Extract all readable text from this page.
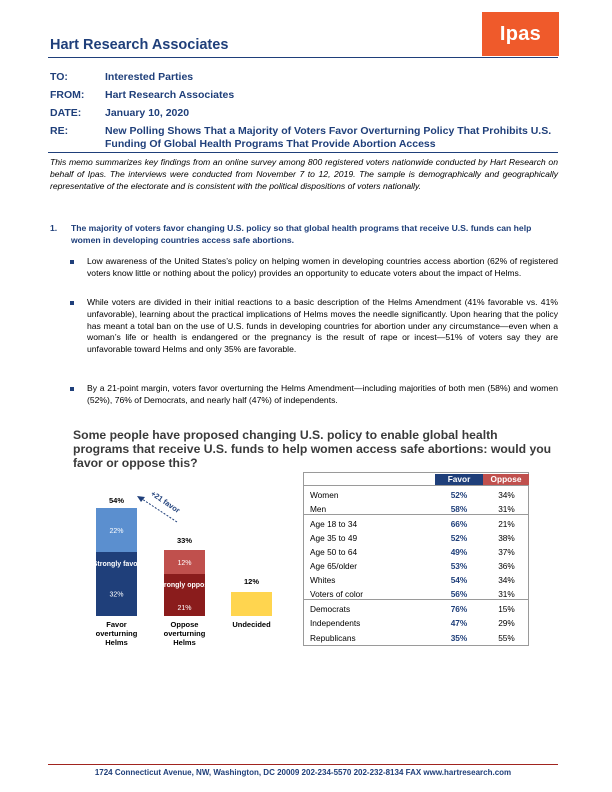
Hart Research Associates
Ipas
TO:	Interested Parties
FROM:	Hart Research Associates
DATE:	January 10, 2020
RE:	New Polling Shows That a Majority of Voters Favor Overturning Policy That Prohibits U.S. Funding Of Global Health Programs That Provide Abortion Access
This memo summarizes key findings from an online survey among 800 registered voters nationwide conducted by Hart Research on behalf of Ipas. The interviews were conducted from November 7 to 12, 2019. The sample is demographically and geographically representative of the electorate and is consistent with the political dispositions of voters nationally.
1. The majority of voters favor changing U.S. policy so that global health programs that receive U.S. funds can help women in developing countries access safe abortions.
Low awareness of the United States’s policy on helping women in developing countries access abortion (62% of registered voters know little or nothing about the policy) provides an opportunity to educate voters about the impact of Helms.
While voters are divided in their initial reactions to a basic description of the Helms Amendment (41% favorable vs. 41% unfavorable), learning about the practical implications of Helms moves the needle significantly. Upon hearing that the policy has meant a total ban on the use of U.S. funds in developing countries for abortion under any circumstance—even when a woman’s life or health is endangered or the pregnancy is the result of rape or incest—51% of voters say they are unfavorable toward Helms and only 35% are favorable.
By a 21-point margin, voters favor overturning the Helms Amendment—including majorities of both men (58%) and women (52%), 76% of Democrats, and nearly half (47%) of independents.
Some people have proposed changing U.S. policy to enable global health programs that receive U.S. funds to help women access safe abortions: would you favor or oppose this?
54%
33%
12%
22%
32%
12%
21%
Strongly favor
Strongly oppose
Favor overturning Helms
Oppose overturning Helms
Undecided
+21 favor
Favor	Oppose
Women	52%	34%
Men	58%	31%
Age 18 to 34	66%	21%
Age 35 to 49	52%	38%
Age 50 to 64	49%	37%
Age 65/older	53%	36%
Whites	54%	34%
Voters of color	56%	31%
Democrats	76%	15%
Independents	47%	29%
Republicans	35%	55%
1724 Connecticut Avenue, NW, Washington, DC 20009 202-234-5570 202-232-8134 FAX www.hartresearch.com
